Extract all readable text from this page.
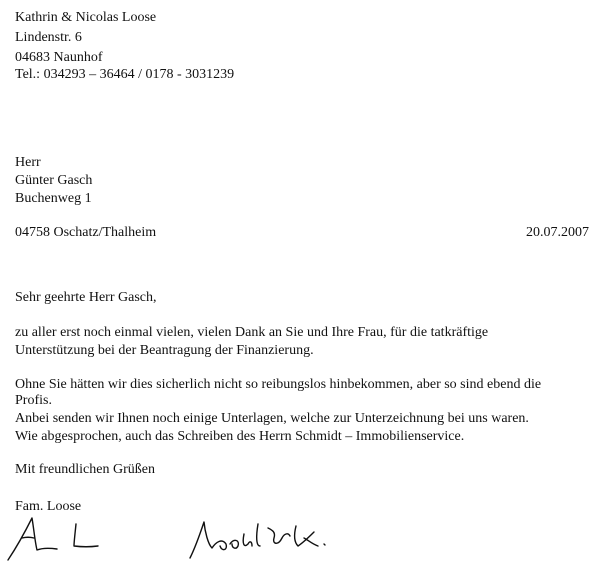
Kathrin & Nicolas Loose
Lindenstr. 6
04683 Naunhof
Tel.: 034293 – 36464 / 0178 - 3031239
Herr
Günter Gasch
Buchenweg 1
04758 Oschatz/Thalheim	20.07.2007
Sehr geehrte Herr Gasch,
zu aller erst noch einmal vielen, vielen Dank an Sie und Ihre Frau, für die tatkräftige
Unterstützung bei der Beantragung der Finanzierung.
Ohne Sie hätten wir dies sicherlich nicht so reibungslos hinbekommen, aber so sind ebend die
Profis.
Anbei senden wir Ihnen noch einige Unterlagen, welche zur Unterzeichnung bei uns waren.
Wie abgesprochen, auch das Schreiben des Herrn Schmidt – Immobilienservice.
Mit freundlichen Grüßen
Fam. Loose
